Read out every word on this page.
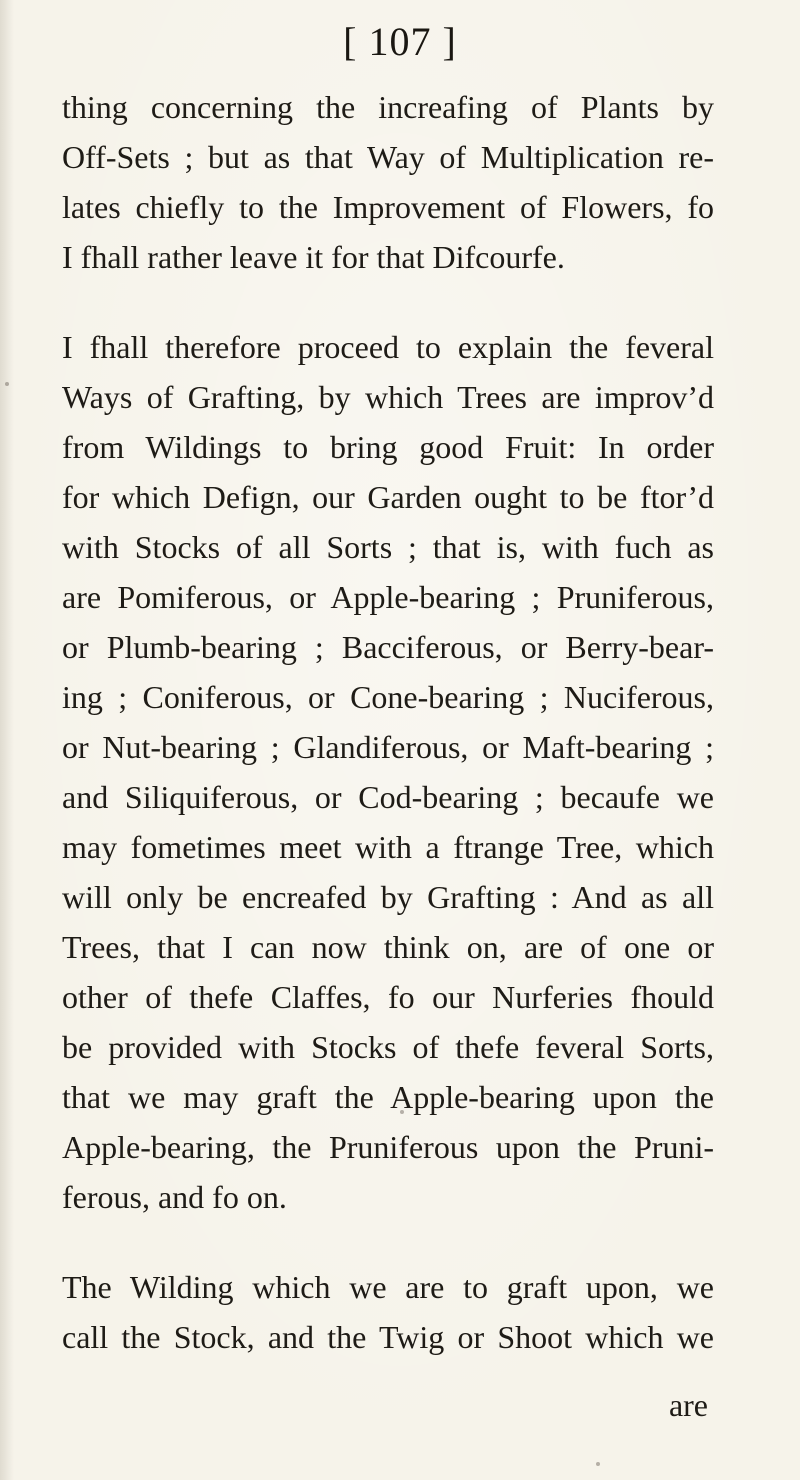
[ 107 ]

thing concerning the increafing of Plants by
Off-Sets ; but as that Way of Multiplication re-
lates chiefly to the Improvement of Flowers, fo
I fhall rather leave it for that Difcourfe.

I fhall therefore proceed to explain the feveral
Ways of Grafting, by which Trees are improv’d
from Wildings to bring good Fruit: In order
for which Defign, our Garden ought to be ftor’d
with Stocks of all Sorts ; that is, with fuch as
are Pomiferous, or Apple-bearing ; Pruniferous,
or Plumb-bearing ; Bacciferous, or Berry-bear-
ing ; Coniferous, or Cone-bearing ; Nuciferous,
or Nut-bearing ; Glandiferous, or Maft-bearing ;
and Siliquiferous, or Cod-bearing ; becaufe we
may fometimes meet with a ftrange Tree, which
will only be encreafed by Grafting : And as all
Trees, that I can now think on, are of one or
other of thefe Claffes, fo our Nurferies fhould
be provided with Stocks of thefe feveral Sorts,
that we may graft the Apple-bearing upon the
Apple-bearing, the Pruniferous upon the Pruni-
ferous, and fo on.

The Wilding which we are to graft upon, we
call the Stock, and the Twig or Shoot which we

are
